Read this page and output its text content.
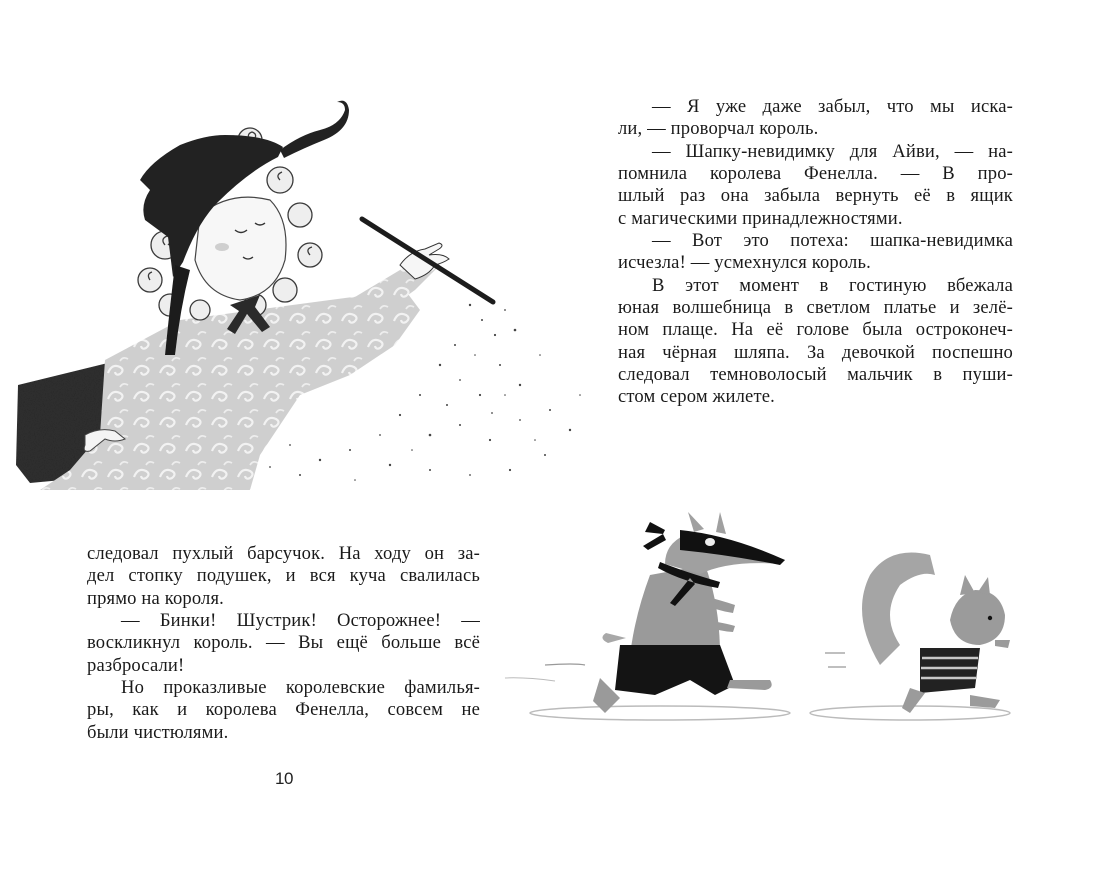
— Я уже даже забыл, что мы иска-
ли, — проворчал король.
— Шапку-невидимку для Айви, — на-
помнила королева Фенелла. — В про-
шлый раз она забыла вернуть её в ящик
с магическими принадлежностями.
— Вот это потеха: шапка-невидимка
исчезла! — усмехнулся король.
В этот момент в гостиную вбежала
юная волшебница в светлом платье и зелё-
ном плаще. На её голове была остроконеч-
ная чёрная шляпа. За девочкой поспешно
следовал темноволосый мальчик в пуши-
стом сером жилете.
следовал пухлый барсучок. На ходу он за-
дел стопку подушек, и вся куча свалилась
прямо на короля.
— Бинки! Шустрик! Осторожнее! —
воскликнул король. — Вы ещё больше всё
разбросали!
Но проказливые королевские фамилья-
ры, как и королева Фенелла, совсем не
были чистюлями.
10
